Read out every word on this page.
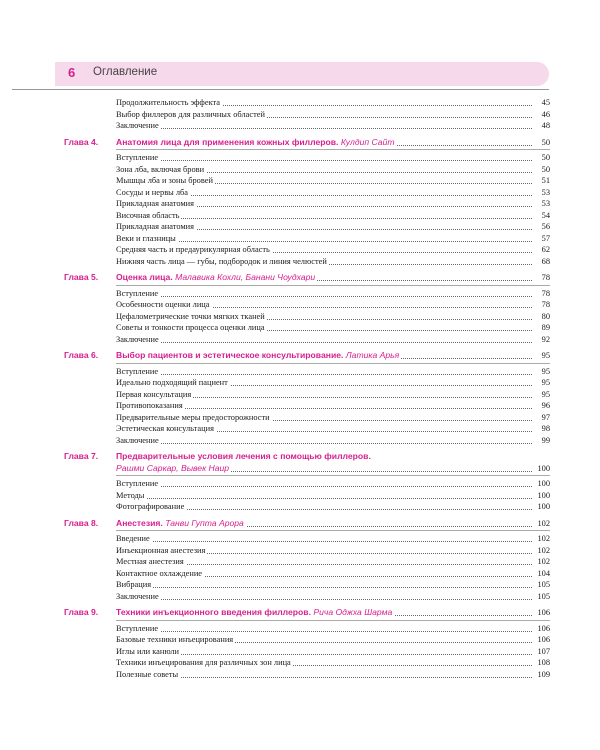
6 Оглавление
Продолжительность эффекта	45
Выбор филлеров для различных областей	46
Заключение	48
Глава 4. Анатомия лица для применения кожных филлеров. Кулдип Сайт	50
Вступление	50
Зона лба, включая брови	50
Мышцы лба и зоны бровей	51
Сосуды и нервы лба	53
Прикладная анатомия	53
Височная область	54
Прикладная анатомия	56
Веки и глазницы	57
Средняя часть и предаурикулярная область	62
Нижняя часть лица — губы, подбородок и линия челюстей	68
Глава 5. Оценка лица. Малавика Кохли, Банани Чоудхари	78
Вступление	78
Особенности оценки лица	78
Цефалометрические точки мягких тканей	80
Советы и тонкости процесса оценки лица	89
Заключение	92
Глава 6. Выбор пациентов и эстетическое консультирование. Латика Арья	95
Вступление	95
Идеально подходящий пациент	95
Первая консультация	95
Противопоказания	96
Предварительные меры предосторожности	97
Эстетическая консультация	98
Заключение	99
Глава 7. Предварительные условия лечения с помощью филлеров.
Рашми Саркар, Вывек Наир	100
Вступление	100
Методы	100
Фотографирование	100
Глава 8. Анестезия. Танви Гупта Арора	102
Введение	102
Инъекционная анестезия	102
Местная анестезия	102
Контактное охлаждение	104
Вибрация	105
Заключение	105
Глава 9. Техники инъекционного введения филлеров. Рича Оджха Шарма	106
Вступление	106
Базовые техники инъецирования	106
Иглы или канюли	107
Техники инъецирования для различных зон лица	108
Полезные советы	109
